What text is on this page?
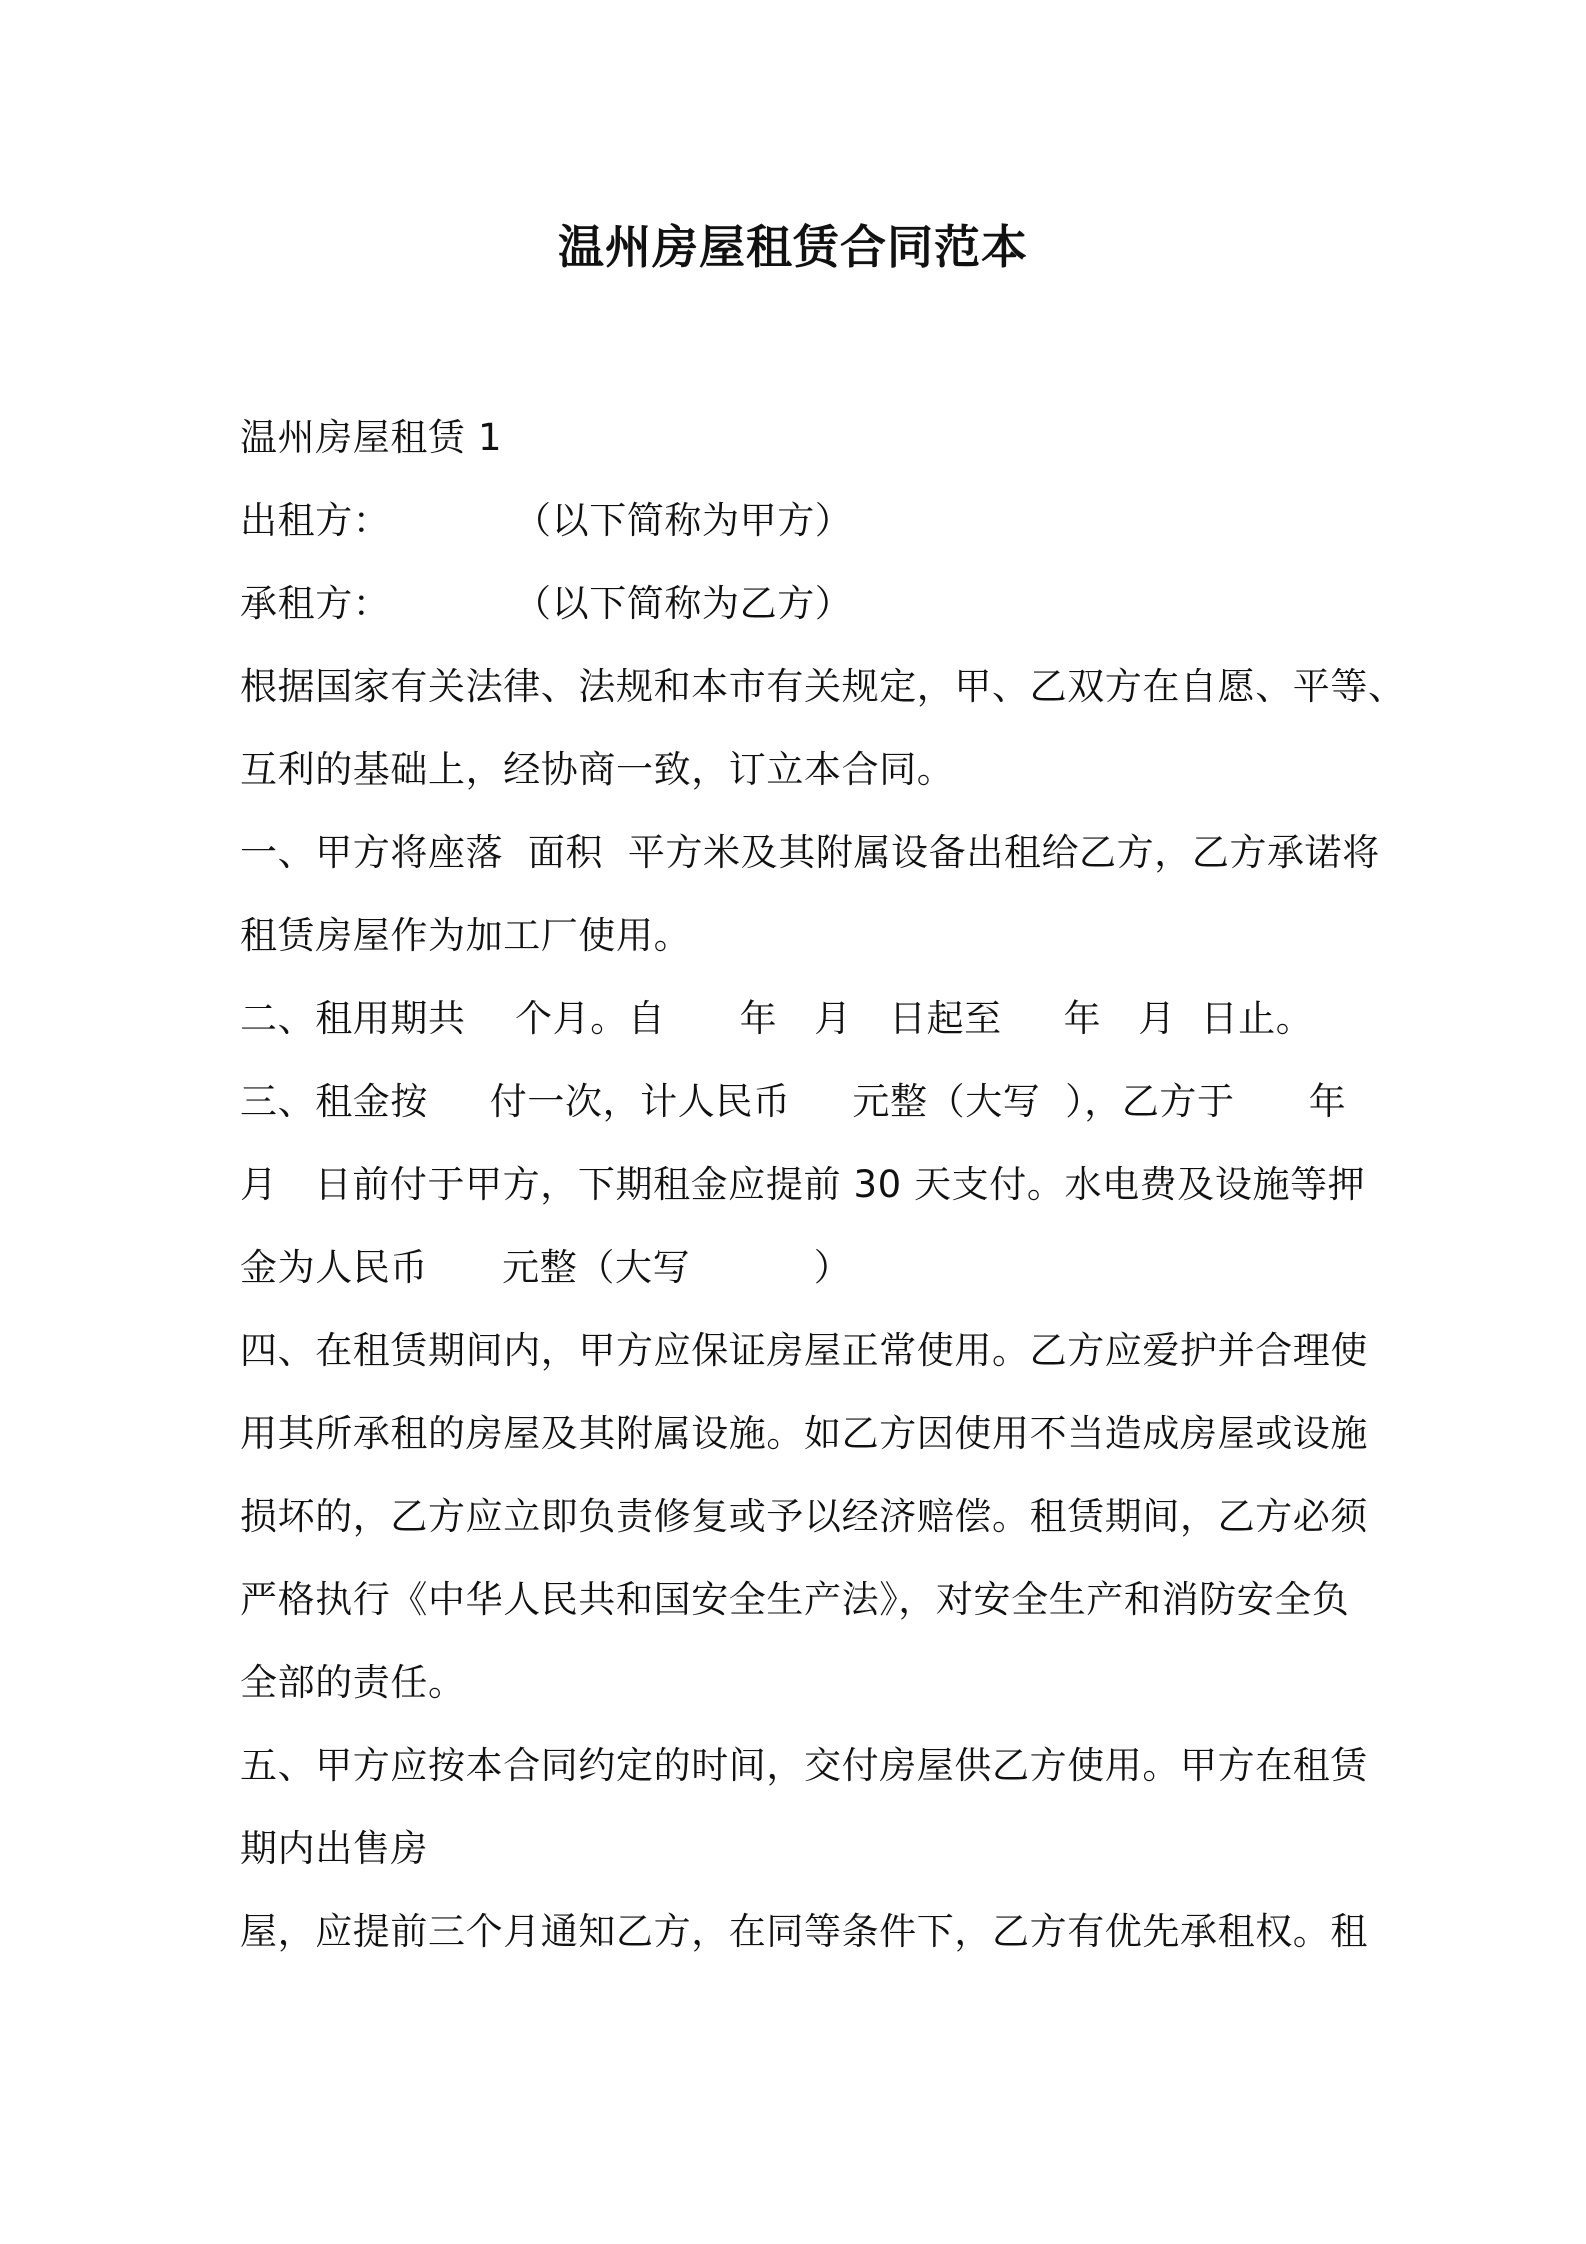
温州房屋租赁合同范本
温州房屋租赁 1
出租方：          （以下简称为甲方）
承租方：          （以下简称为乙方）
根据国家有关法律、法规和本市有关规定，甲、乙双方在自愿、平等、
互利的基础上，经协商一致，订立本合同。
一、甲方将座落  面积  平方米及其附属设备出租给乙方，乙方承诺将
租赁房屋作为加工厂使用。
二、租用期共    个月。自      年   月   日起至     年   月  日止。
三、租金按     付一次，计人民币     元整（大写  ），乙方于      年
月   日前付于甲方，下期租金应提前 30 天支付。水电费及设施等押
金为人民币      元整（大写          ）
四、在租赁期间内，甲方应保证房屋正常使用。乙方应爱护并合理使
用其所承租的房屋及其附属设施。如乙方因使用不当造成房屋或设施
损坏的，乙方应立即负责修复或予以经济赔偿。租赁期间，乙方必须
严格执行《中华人民共和国安全生产法》，对安全生产和消防安全负
全部的责任。
五、甲方应按本合同约定的时间，交付房屋供乙方使用。甲方在租赁
期内出售房
屋，应提前三个月通知乙方，在同等条件下，乙方有优先承租权。租
